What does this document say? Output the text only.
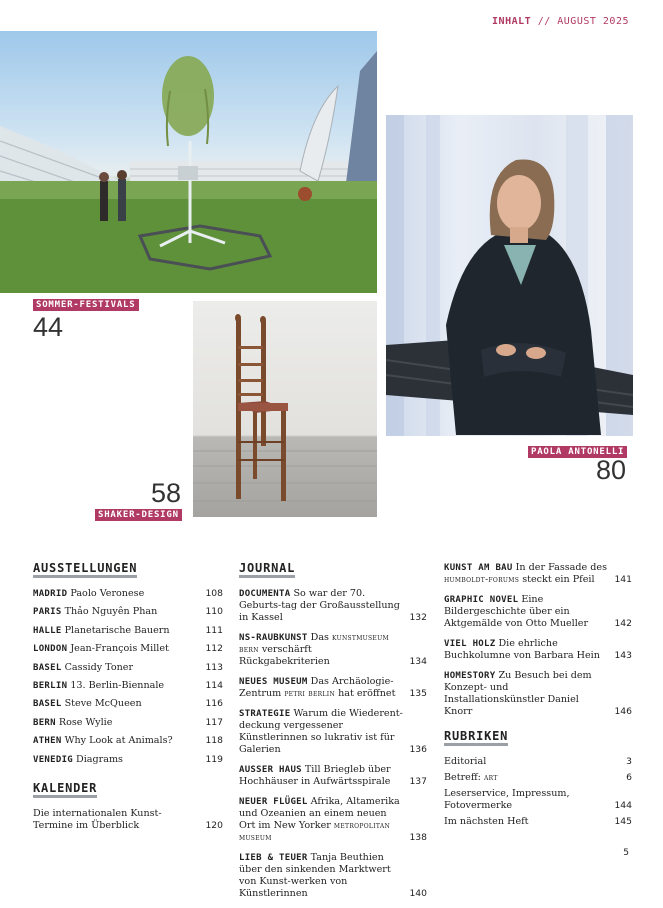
INHALT // AUGUST 2025
SOMMER-FESTIVALS
44
58
SHAKER-DESIGN
PAOLA ANTONELLI
80
AUSSTELLUNGEN
MADRID Paolo Veronese	108
PARIS Thảo Nguyên Phan	110
HALLE Planetarische Bauern	111
LONDON Jean-François Millet	112
BASEL Cassidy Toner	113
BERLIN 13. Berlin-Biennale	114
BASEL Steve McQueen	116
BERN Rose Wylie	117
ATHEN Why Look at Animals?	118
VENEDIG Diagrams	119
KALENDER
Die internationalen Kunst-Termine im Überblick	120
JOURNAL
DOCUMENTA So war der 70. Geburts-tag der Großausstellung in Kassel	132
NS-RAUBKUNST Das kunstmuseum bern verschärft Rückgabekriterien	134
NEUES MUSEUM Das Archäologie-Zentrum petri berlin hat eröffnet	135
STRATEGIE Warum die Wiederent-deckung vergessener Künstlerinnen so lukrativ ist für Galerien	136
AUSSER HAUS Till Briegleb über Hochhäuser in Aufwärtsspirale	137
NEUER FLÜGEL Afrika, Altamerika und Ozeanien an einem neuen Ort im New Yorker metropolitan museum	138
LIEB & TEUER Tanja Beuthien über den sinkenden Marktwert von Kunst-werken von Künstlerinnen	140
KUNST AM BAU In der Fassade des humboldt-forums steckt ein Pfeil	141
GRAPHIC NOVEL Eine Bildergeschichte über ein Aktgemälde von Otto Mueller	142
VIEL HOLZ Die ehrliche Buchkolumne von Barbara Hein	143
HOMESTORY Zu Besuch bei dem Konzept- und Installationskünstler Daniel Knorr	146
RUBRIKEN
Editorial	3
Betreff: art	6
Leserservice, Impressum, Fotovermerke	144
Im nächsten Heft	145
5
